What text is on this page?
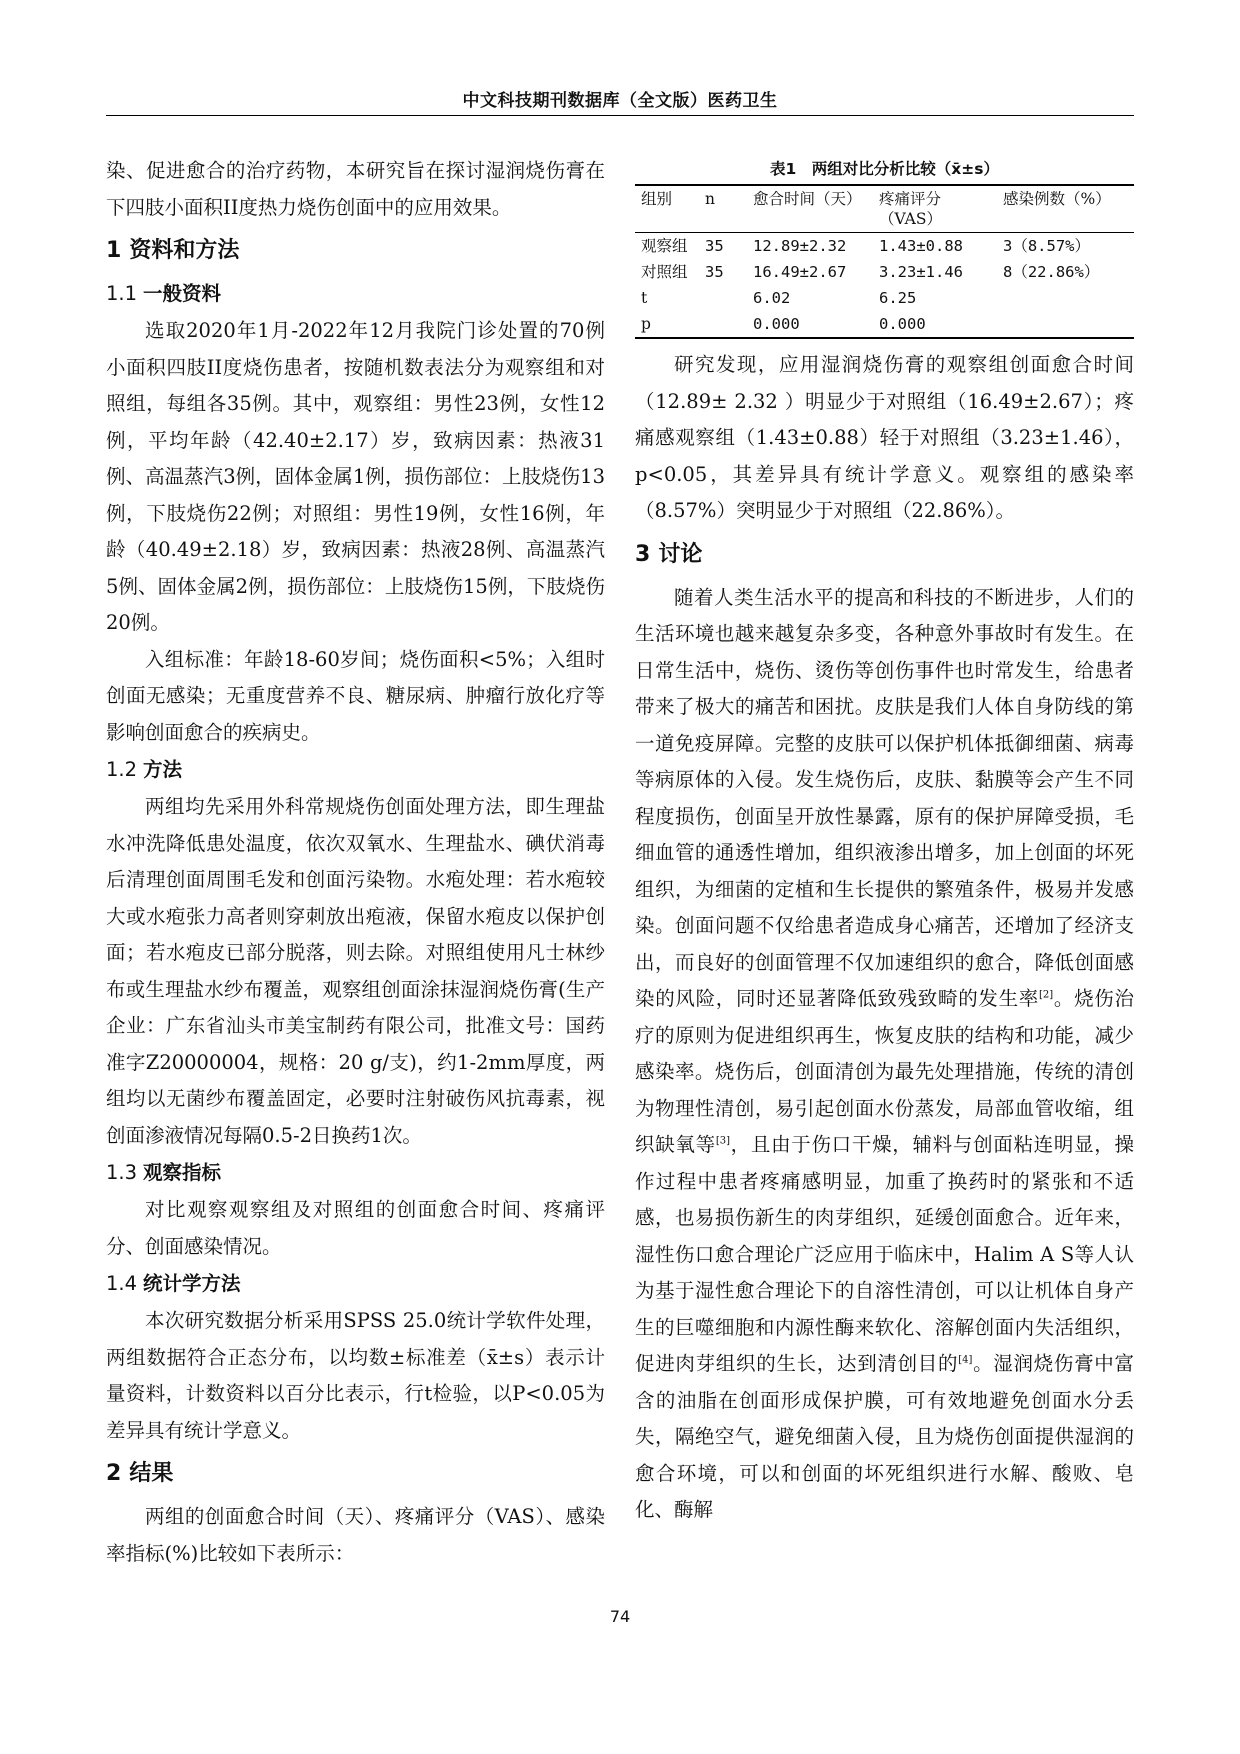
中文科技期刊数据库（全文版）医药卫生

染、促进愈合的治疗药物，本研究旨在探讨湿润烧伤膏在下四肢小面积II度热力烧伤创面中的应用效果。

1 资料和方法
1.1 一般资料

选取2020年1月-2022年12月我院门诊处置的70例小面积四肢II度烧伤患者，按随机数表法分为观察组和对照组，每组各35例。其中，观察组：男性23例，女性12例，平均年龄（42.40±2.17）岁，致病因素：热液31例、高温蒸汽3例，固体金属1例，损伤部位：上肢烧伤13例，下肢烧伤22例；对照组：男性19例，女性16例，年龄（40.49±2.18）岁，致病因素：热液28例、高温蒸汽5例、固体金属2例，损伤部位：上肢烧伤15例，下肢烧伤20例。

入组标准：年龄18-60岁间；烧伤面积<5%；入组时创面无感染；无重度营养不良、糖尿病、肿瘤行放化疗等影响创面愈合的疾病史。

1.2 方法

两组均先采用外科常规烧伤创面处理方法，即生理盐水冲洗降低患处温度，依次双氧水、生理盐水、碘伏消毒后清理创面周围毛发和创面污染物。水疱处理：若水疱较大或水疱张力高者则穿刺放出疱液，保留水疱皮以保护创面；若水疱皮已部分脱落，则去除。对照组使用凡士林纱布或生理盐水纱布覆盖，观察组创面涂抹湿润烧伤膏(生产企业：广东省汕头市美宝制药有限公司，批准文号：国药准字Z20000004，规格：20 g/支)，约1-2mm厚度，两组均以无菌纱布覆盖固定，必要时注射破伤风抗毒素，视创面渗液情况每隔0.5-2日换药1次。

1.3 观察指标

对比观察观察组及对照组的创面愈合时间、疼痛评分、创面感染情况。

1.4 统计学方法

本次研究数据分析采用SPSS 25.0统计学软件处理，两组数据符合正态分布，以均数±标准差（x̄±s）表示计量资料，计数资料以百分比表示，行t检验，以P<0.05为差异具有统计学意义。

2 结果

两组的创面愈合时间（天）、疼痛评分（VAS）、感染率指标(%)比较如下表所示：

表1　两组对比分析比较（x̄±s）
组别	n	愈合时间（天）	疼痛评分（VAS）	感染例数（%）
观察组	35	12.89±2.32	1.43±0.88	3（8.57%）
对照组	35	16.49±2.67	3.23±1.46	8（22.86%）
t		6.02	6.25	
p		0.000	0.000	

研究发现，应用湿润烧伤膏的观察组创面愈合时间（12.89± 2.32 ）明显少于对照组（16.49±2.67）；疼痛感观察组（1.43±0.88）轻于对照组（3.23±1.46），p<0.05，其差异具有统计学意义。观察组的感染率（8.57%）突明显少于对照组（22.86%）。

3 讨论

随着人类生活水平的提高和科技的不断进步，人们的生活环境也越来越复杂多变，各种意外事故时有发生。在日常生活中，烧伤、烫伤等创伤事件也时常发生，给患者带来了极大的痛苦和困扰。皮肤是我们人体自身防线的第一道免疫屏障。完整的皮肤可以保护机体抵御细菌、病毒等病原体的入侵。发生烧伤后，皮肤、黏膜等会产生不同程度损伤，创面呈开放性暴露，原有的保护屏障受损，毛细血管的通透性增加，组织液渗出增多，加上创面的坏死组织，为细菌的定植和生长提供的繁殖条件，极易并发感染。创面问题不仅给患者造成身心痛苦，还增加了经济支出，而良好的创面管理不仅加速组织的愈合，降低创面感染的风险，同时还显著降低致残致畸的发生率[2]。烧伤治疗的原则为促进组织再生，恢复皮肤的结构和功能，减少感染率。烧伤后，创面清创为最先处理措施，传统的清创为物理性清创，易引起创面水份蒸发，局部血管收缩，组织缺氧等[3]，且由于伤口干燥，辅料与创面粘连明显，操作过程中患者疼痛感明显，加重了换药时的紧张和不适感，也易损伤新生的肉芽组织，延缓创面愈合。近年来，湿性伤口愈合理论广泛应用于临床中，Halim A S等人认为基于湿性愈合理论下的自溶性清创，可以让机体自身产生的巨噬细胞和内源性酶来软化、溶解创面内失活组织，促进肉芽组织的生长，达到清创目的[4]。湿润烧伤膏中富含的油脂在创面形成保护膜，可有效地避免创面水分丢失，隔绝空气，避免细菌入侵，且为烧伤创面提供湿润的愈合环境，可以和创面的坏死组织进行水解、酸败、皂化、酶解

74
